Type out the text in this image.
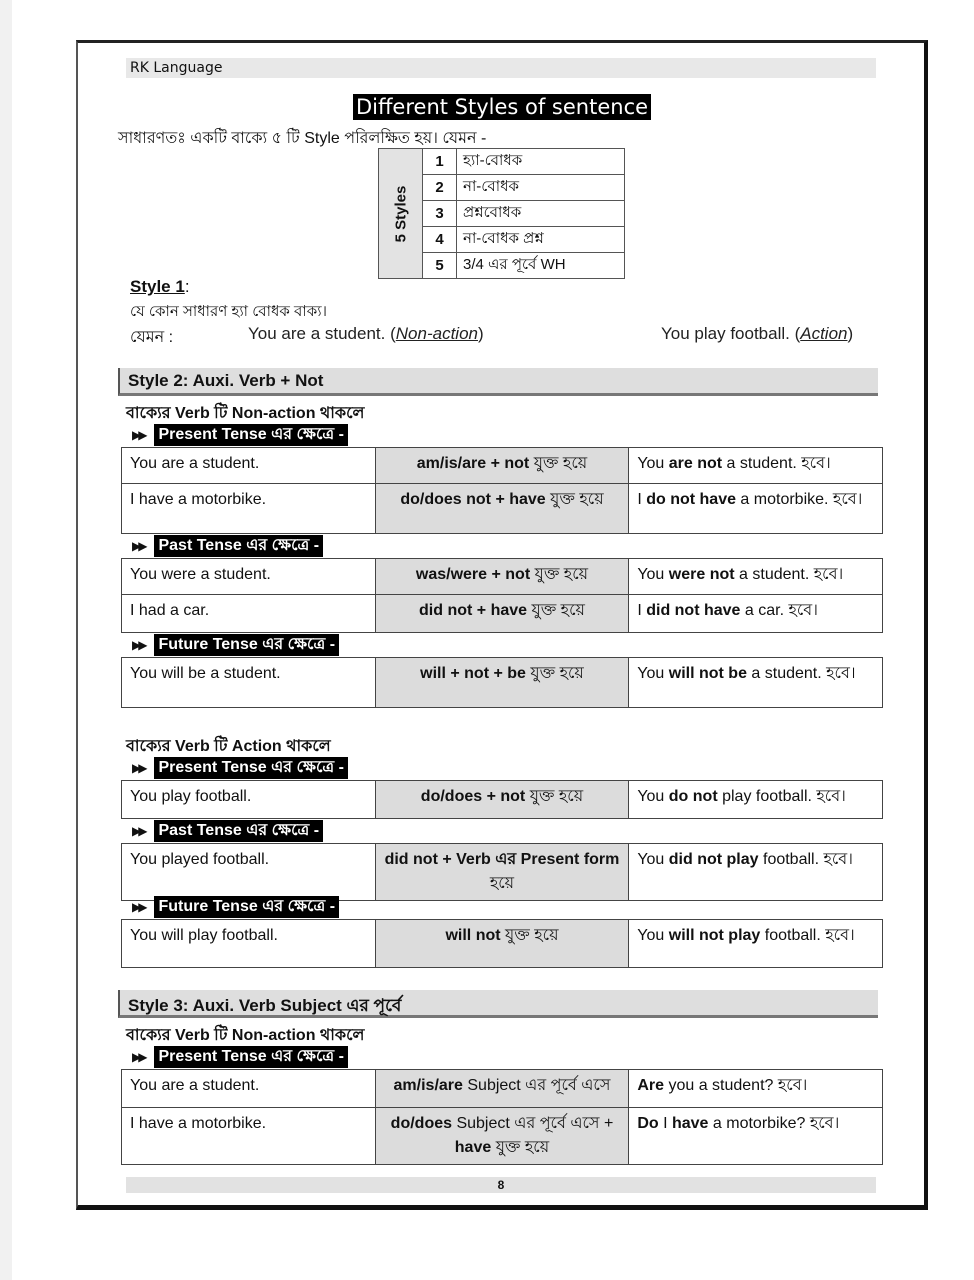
RK Language
Different Styles of sentence
সাধারণতঃ একটি বাক্যে ৫ টি Style পরিলক্ষিত হয়। যেমন -
5 Styles	1	হ্যা-বোধক
	2	না-বোধক
	3	প্রশ্নবোধক
	4	না-বোধক প্রশ্ন
	5	3/4 এর পূর্বে WH
Style 1:
যে কোন সাধারণ হ্যা বোধক বাক্য।
যেমন :	You are a student. (Non-action)	You play football. (Action)
Style 2: Auxi. Verb + Not
বাক্যের Verb টি Non-action থাকলে
▶▶ Present Tense এর ক্ষেত্রে -
You are a student.	am/is/are + not যুক্ত হয়ে	You are not a student. হবে।
I have a motorbike.	do/does not + have যুক্ত হয়ে	I do not have a motorbike. হবে।
▶▶ Past Tense এর ক্ষেত্রে -
You were a student.	was/were + not যুক্ত হয়ে	You were not a student. হবে।
I had a car.	did not + have যুক্ত হয়ে	I did not have a car. হবে।
▶▶ Future Tense এর ক্ষেত্রে -
You will be a student.	will + not + be যুক্ত হয়ে	You will not be a student. হবে।
বাক্যের Verb টি Action থাকলে
▶▶ Present Tense এর ক্ষেত্রে -
You play football.	do/does + not যুক্ত হয়ে	You do not play football. হবে।
▶▶ Past Tense এর ক্ষেত্রে -
You played football.	did not + Verb এর Present form হয়ে	You did not play football. হবে।
▶▶ Future Tense এর ক্ষেত্রে -
You will play football.	will not যুক্ত হয়ে	You will not play football. হবে।
Style 3: Auxi. Verb Subject এর পূর্বে
বাক্যের Verb টি Non-action থাকলে
▶▶ Present Tense এর ক্ষেত্রে -
You are a student.	am/is/are Subject এর পূর্বে এসে	Are you a student? হবে।
I have a motorbike.	do/does Subject এর পূর্বে এসে + have যুক্ত হয়ে	Do I have a motorbike? হবে।
8
